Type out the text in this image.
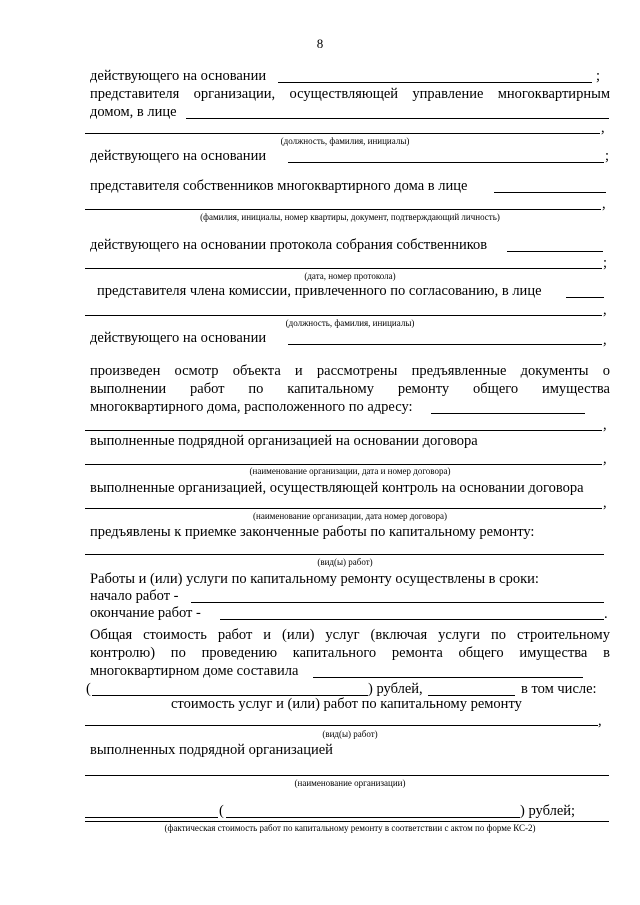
8
действующего на основании	;
представителя организации, осуществляющей управление многоквартирным
домом, в лице
,
(должность, фамилия, инициалы)
действующего на основании	;
представителя собственников многоквартирного дома в лице
,
(фамилия, инициалы, номер квартиры, документ, подтверждающий личность)
действующего на основании протокола собрания собственников
;
(дата, номер протокола)
представителя члена комиссии, привлеченного по согласованию, в лице
,
(должность, фамилия, инициалы)
действующего на основании	,
произведен осмотр объекта и рассмотрены предъявленные документы о
выполнении работ по капитальному ремонту общего имущества
многоквартирного дома, расположенного по адресу:
,
выполненные подрядной организацией на основании договора
,
(наименование организации, дата и номер договора)
выполненные организацией, осуществляющей контроль на основании договора
,
(наименование организации, дата номер договора)
предъявлены к приемке законченные работы по капитальному ремонту:
(вид(ы) работ)
Работы и (или) услуги по капитальному ремонту осуществлены в сроки:
начало работ -
окончание работ -	.
Общая стоимость работ и (или) услуг (включая услуги по строительному
контролю) по проведению капитального ремонта общего имущества в
многоквартирном доме составила
(	) рублей,	в том числе:
стоимость услуг и (или) работ по капитальному ремонту
,
(вид(ы) работ)
выполненных подрядной организацией
(наименование организации)
(	) рублей;
(фактическая стоимость работ по капитальному ремонту в соответствии с актом по форме КС-2)
